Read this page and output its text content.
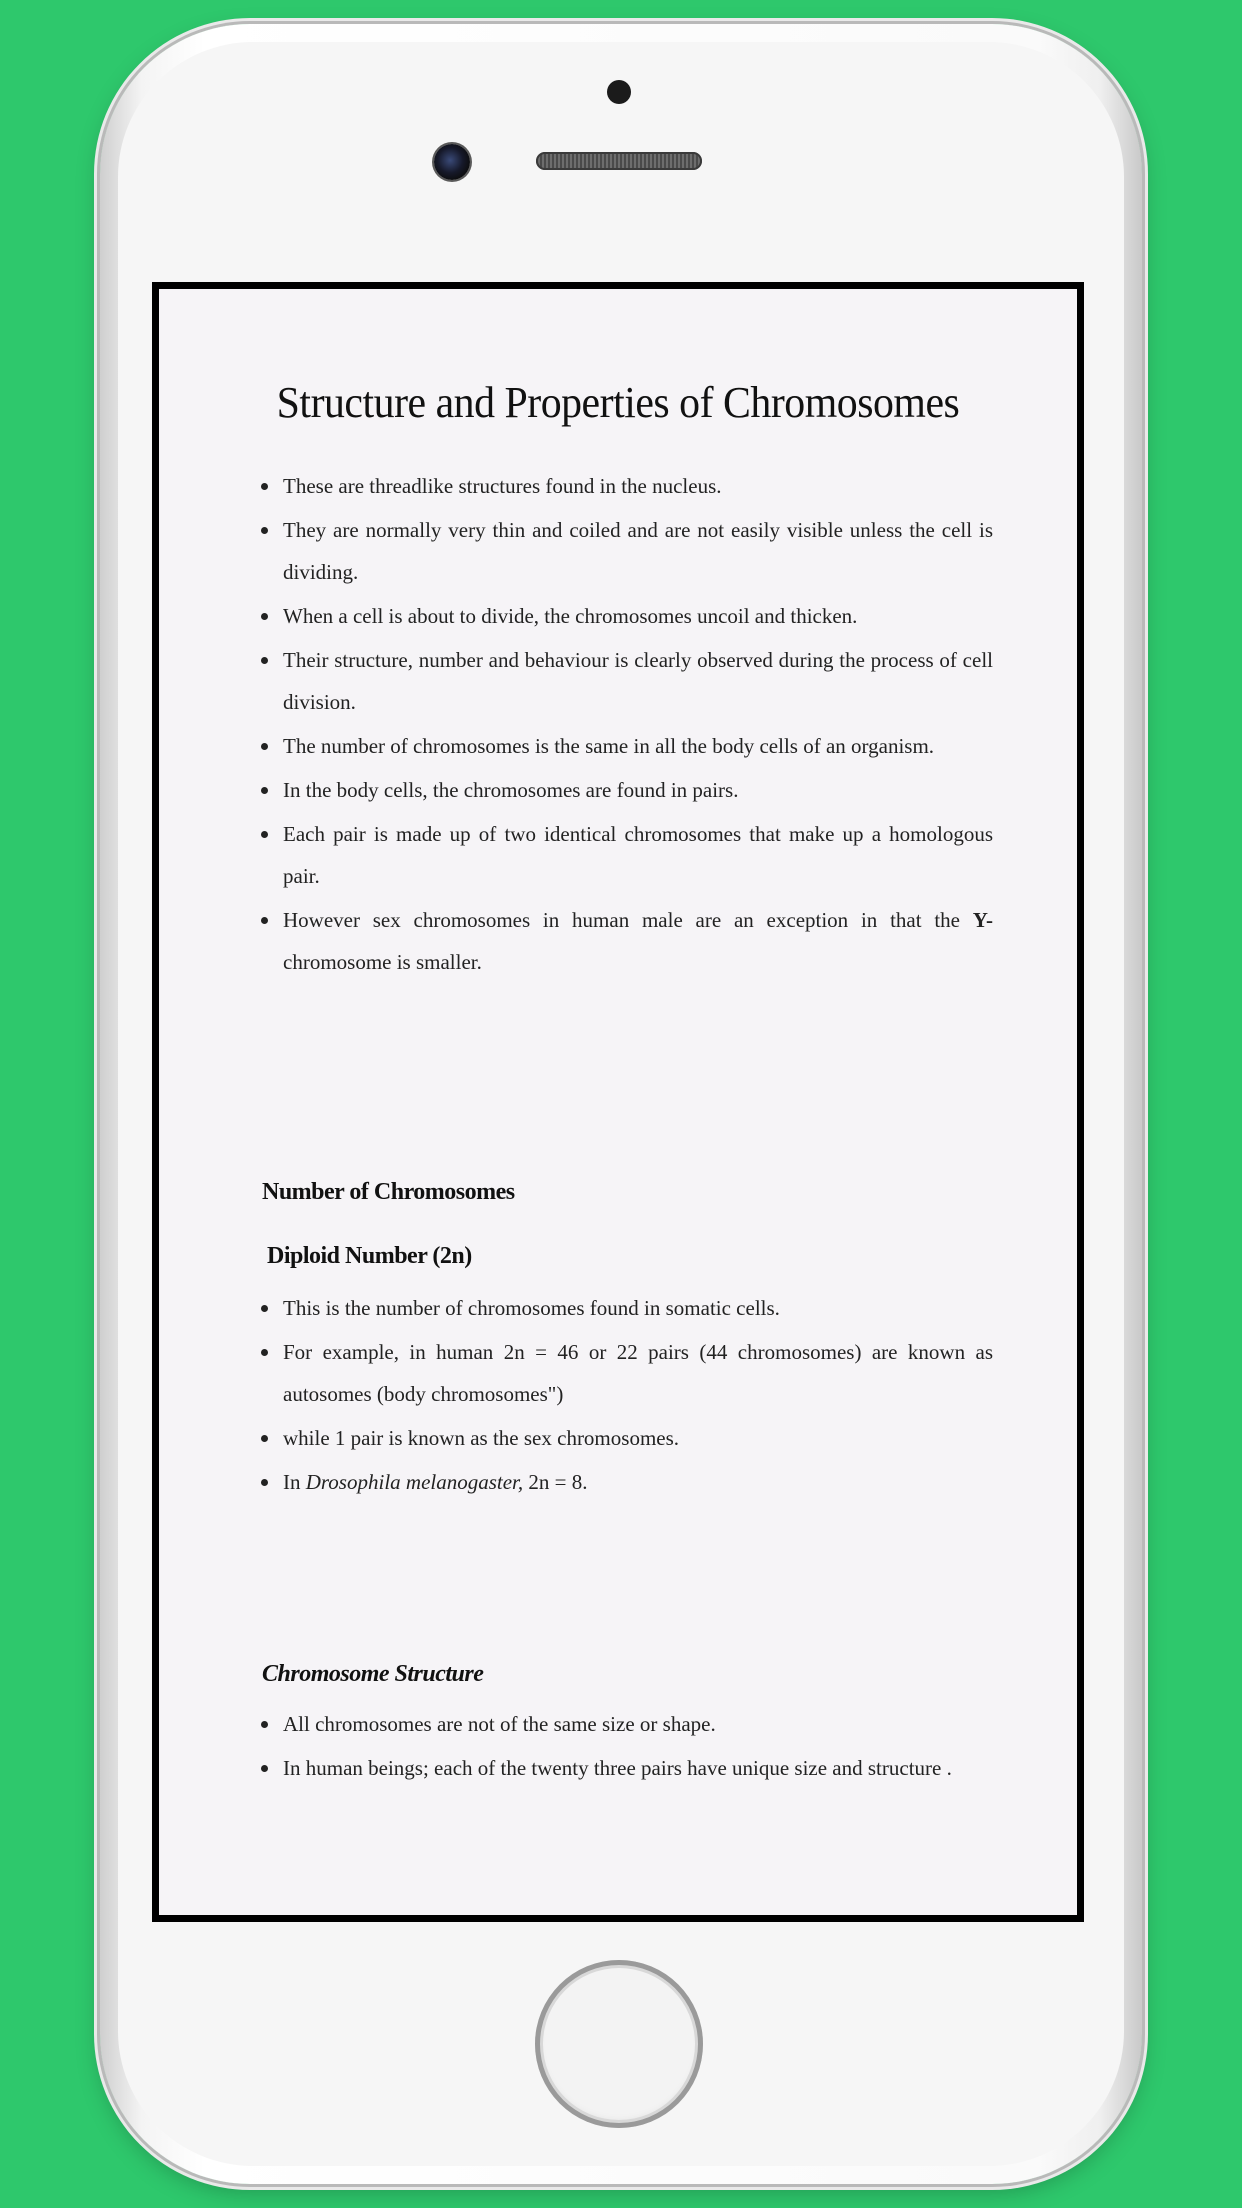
Structure and Properties of Chromosomes
These are threadlike structures found in the nucleus.
They are normally very thin and coiled and are not easily visible unless the cell is dividing.
When a cell is about to divide, the chromosomes uncoil and thicken.
Their structure, number and behaviour is clearly observed during the process of cell division.
The number of chromosomes is the same in all the body cells of an organism.
In the body cells, the chromosomes are found in pairs.
Each pair is made up of two identical chromosomes that make up a homologous pair.
However sex chromosomes in human male are an exception in that the Y-chromosome is smaller.
Number of Chromosomes
Diploid Number (2n)
This is the number of chromosomes found in somatic cells.
For example, in human 2n = 46 or 22 pairs (44 chromosomes) are known as autosomes (body chromosomes")
while 1 pair is known as the sex chromosomes.
In Drosophila melanogaster, 2n = 8.
Chromosome Structure
All chromosomes are not of the same size or shape.
In human beings; each of the twenty three pairs have unique size and structure .
